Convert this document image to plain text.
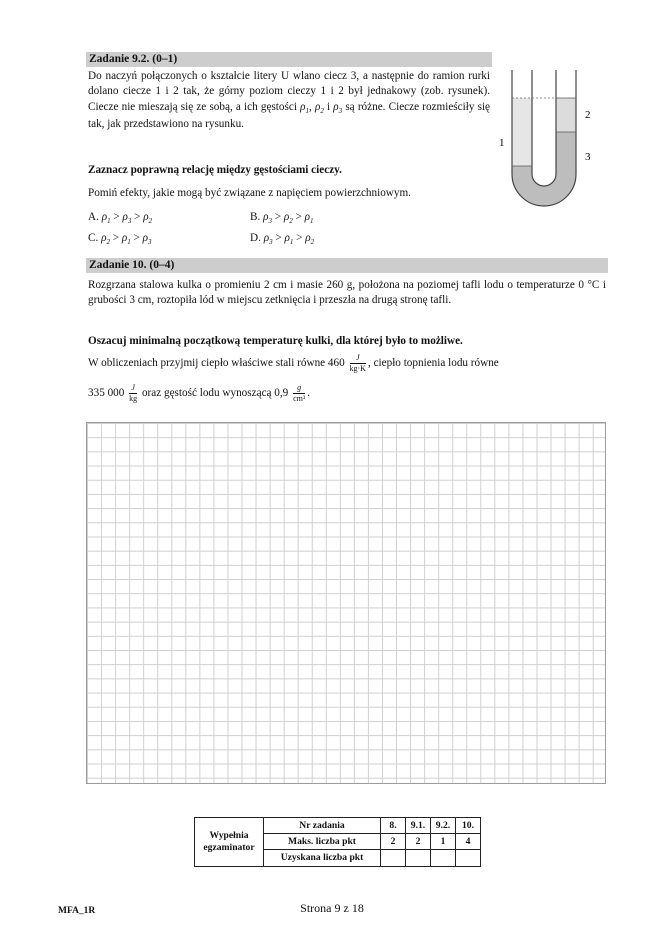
Zadanie 9.2. (0–1)
Do naczyń połączonych o kształcie litery U wlano ciecz 3, a następnie do ramion rurki dolano ciecze 1 i 2 tak, że górny poziom cieczy 1 i 2 był jednakowy (zob. rysunek). Ciecze nie mieszają się ze sobą, a ich gęstości $\rho_1$, $\rho_2$ i $\rho_3$ są różne. Ciecze rozmieściły się tak, jak przedstawiono na rysunku.
Zaznacz poprawną relację między gęstościami cieczy.
Pomiń efekty, jakie mogą być związane z napięciem powierzchniowym.
A. $\rho_1 > \rho_3 > \rho_2$	B. $\rho_3 > \rho_2 > \rho_1$
C. $\rho_2 > \rho_1 > \rho_3$	D. $\rho_3 > \rho_1 > \rho_2$
1
2
3
Zadanie 10. (0–4)
Rozgrzana stalowa kulka o promieniu 2 cm i masie 260 g, położona na poziomej tafli lodu o temperaturze 0 °C i grubości 3 cm, roztopiła lód w miejscu zetknięcia i przeszła na drugą stronę tafli.
Oszacuj minimalną początkową temperaturę kulki, dla której było to możliwe.
W obliczeniach przyjmij ciepło właściwe stali równe $460 \frac{J}{kg\cdot K}$ , ciepło topnienia lodu równe
335 $000 \frac{J}{kg}$ oraz gęstość lodu wynoszącą $0,9 \frac{g}{\text{cm³}}$ .
Wypełnia egzaminator	Nr zadania	8.	9.1.	9.2.	10.
	Maks. liczba pkt	2	2	1	4
	Uzyskana liczba pkt				
MFA_1R	Strona 9 z 18
